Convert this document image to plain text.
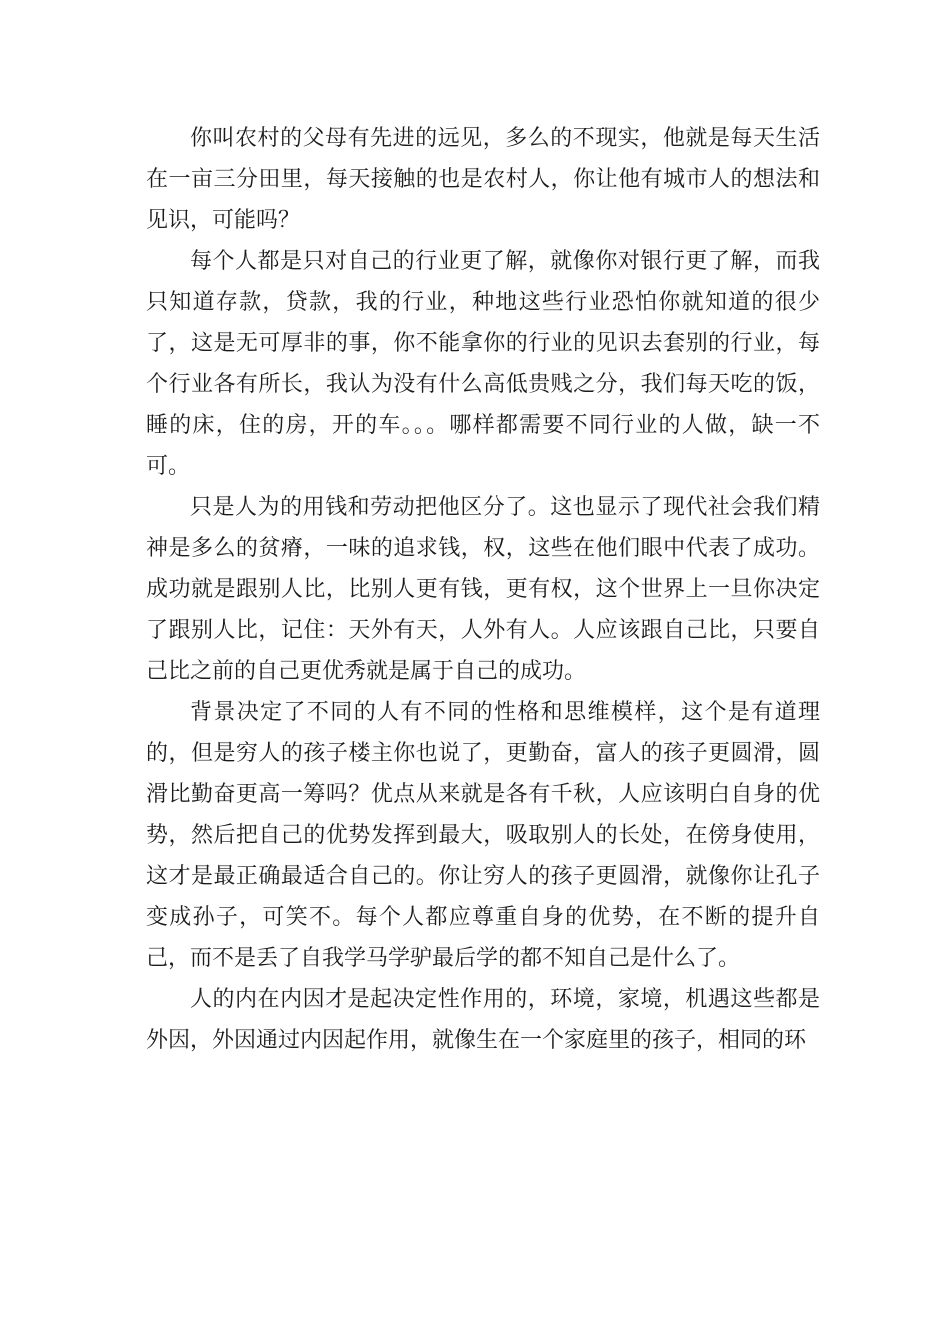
你叫农村的父母有先进的远见，多么的不现实，他就是每天生活在一亩三分田里，每天接触的也是农村人，你让他有城市人的想法和见识，可能吗？

每个人都是只对自己的行业更了解，就像你对银行更了解，而我只知道存款，贷款，我的行业，种地这些行业恐怕你就知道的很少了，这是无可厚非的事，你不能拿你的行业的见识去套别的行业，每个行业各有所长，我认为没有什么高低贵贱之分，我们每天吃的饭，睡的床，住的房，开的车。。。哪样都需要不同行业的人做，缺一不可。

只是人为的用钱和劳动把他区分了。这也显示了现代社会我们精神是多么的贫瘠，一味的追求钱，权，这些在他们眼中代表了成功。成功就是跟别人比，比别人更有钱，更有权，这个世界上一旦你决定了跟别人比，记住：天外有天，人外有人。人应该跟自己比，只要自己比之前的自己更优秀就是属于自己的成功。

背景决定了不同的人有不同的性格和思维模样，这个是有道理的，但是穷人的孩子楼主你也说了，更勤奋，富人的孩子更圆滑，圆滑比勤奋更高一筹吗？优点从来就是各有千秋，人应该明白自身的优势，然后把自己的优势发挥到最大，吸取别人的长处，在傍身使用，这才是最正确最适合自己的。你让穷人的孩子更圆滑，就像你让孔子变成孙子，可笑不。每个人都应尊重自身的优势，在不断的提升自己，而不是丢了自我学马学驴最后学的都不知自己是什么了。

人的内在内因才是起决定性作用的，环境，家境，机遇这些都是外因，外因通过内因起作用，就像生在一个家庭里的孩子，相同的环
